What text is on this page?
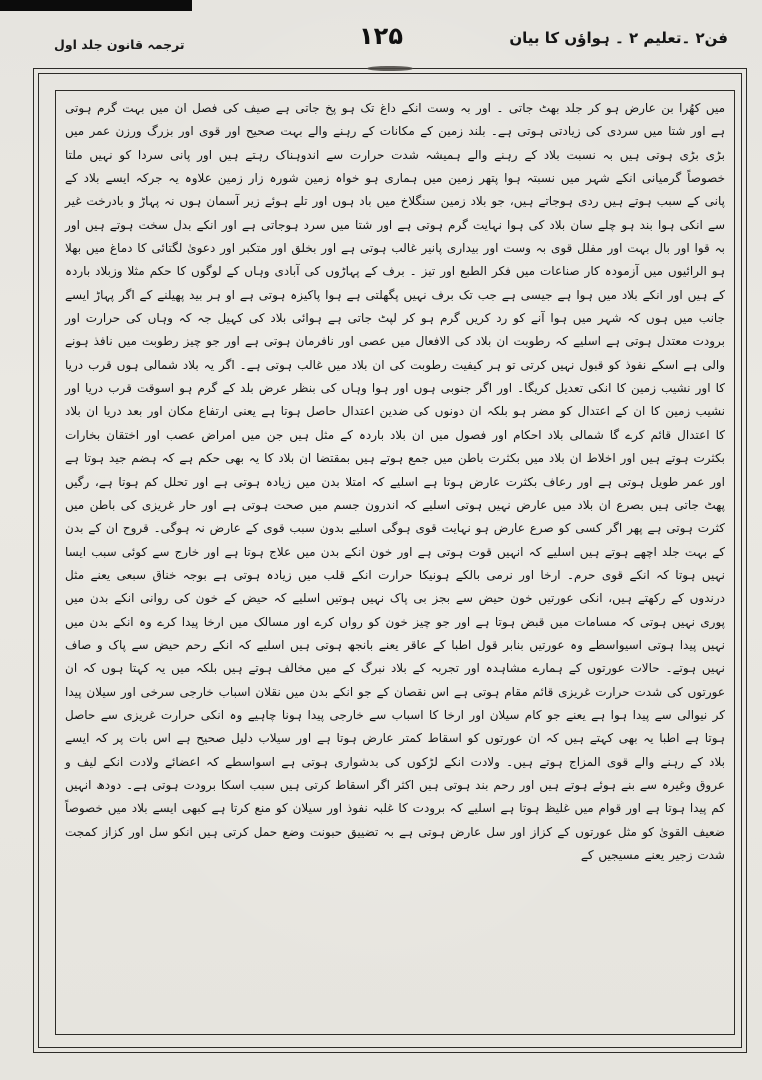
فن۲ ۔تعلیم ۲ ۔ ہواؤں کا بیان
۱۲۵
ترجمہ قانون جلد اول
میں کھُرا بن عارض ہو کر جلد بھٹ جاتی ۔ اور بہ وست انکے داغ تک ہو پخ جاتی ہے صیف کی فصل ان میں بہت گرم ہوتی ہے اور شتا میں سردی کی زیادتی ہوتی ہے۔ بلند زمین کے مکانات کے رہنے والے بہت صحیح اور قوی اور بزرگ ورزن عمر میں بڑی بڑی ہوتی ہیں بہ نسبت بلاد کے رہنے والے ہمیشہ شدت حرارت سے اندوہناک رہتے ہیں اور پانی سردا کو نہیں ملتا خصوصاً گرمیانی انکے شہر میں نسبتہ ہوا پتھر زمین میں ہماری ہو خواہ زمین شورہ زار زمین علاوہ یہ جرکہ ایسے بلاد کے پانی کے سبب ہوتے ہیں ردی ہوجاتے ہیں، جو بلاد زمین سنگلاخ میں باد ہوں اور تلے ہوئے زیر آسمان ہوں نہ پہاڑ و بادرخت غیر سے انکی ہوا بند ہو چلے سان بلاد کی ہوا نہایت گرم ہوتی ہے اور شتا میں سرد ہوجاتی ہے اور انکے بدل سخت ہوتے ہیں اور بہ قوا اور بال بہت اور مفلل قوی بہ وست اور بیداری پانیر غالب ہوتی ہے اور بخلق اور متکبر اور دعویٰ لگتائی کا دماغ میں بھلا ہو الرائیوں میں آزمودہ کار صناعات میں فکر الطبع اور تیز ۔ برف کے پہاڑوں کی آبادی وہاں کے لوگوں کا حکم مثلا وزبلاد باردہ کے ہیں اور انکے بلاد میں ہوا ہے جیسی ہے جب تک برف نہیں پگھلتی ہے ہوا پاکیزہ ہوتی ہے او ہر بید پھیلنے کے اگر پہاڑ ایسے جانب میں ہوں کہ شہر میں ہوا آنے کو رد کریں گرم ہو کر لپٹ جاتی ہے ہوائی بلاد کی کہیل جہ کہ وہاں کی حرارت اور برودت معتدل ہوتی ہے اسلیے کہ رطوبت ان بلاد کی الافعال میں عصی اور نافرمان ہوتی ہے اور جو چیز رطوبت میں نافذ ہونے والی ہے اسکے نفوذ کو قبول نہیں کرتی تو ہر کیفیت رطوبت کی ان بلاد میں غالب ہوتی ہے۔ اگر یہ بلاد شمالی ہوں قرب دریا کا اور نشیب زمین کا انکی تعدیل کریگا۔ اور اگر جنوبی ہوں اور ہوا وہاں کی بنظر عرض بلد کے گرم ہو اسوقت قرب دریا اور نشیب زمین کا ان کے اعتدال کو مضر ہو بلکہ ان دونوں کی ضدین اعتدال حاصل ہوتا ہے یعنی ارتفاع مکان اور بعد دریا ان بلاد کا اعتدال قائم کرے گا شمالی بلاد احکام اور فصول میں ان بلاد باردہ کے مثل ہیں جن میں امراض عصب اور اختقان بخارات بکثرت ہوتے ہیں اور اخلاط ان بلاد میں بکثرت باطن میں جمع ہوتے ہیں بمقتضا ان بلاد کا یہ بھی حکم ہے کہ ہضم جید ہوتا ہے اور عمر طویل ہوتی ہے اور رعاف بکثرت عارض ہوتا ہے اسلیے کہ امتلا بدن میں زیادہ ہوتی ہے اور تحلل کم ہوتا ہے، رگیں پھٹ جاتی ہیں بصرع ان بلاد میں عارض نہیں ہوتی اسلیے کہ اندرون جسم میں صحت ہوتی ہے اور حار غریزی کی باطن میں کثرت ہوتی ہے پھر اگر کسی کو صرع عارض ہو نہایت قوی ہوگی اسلیے بدون سبب قوی کے عارض نہ ہوگی۔ قروح ان کے بدن کے بہت جلد اچھے ہوتے ہیں اسلیے کہ انہیں قوت ہوتی ہے اور خون انکے بدن میں علاج ہوتا ہے اور خارج سے کوئی سبب ایسا نہیں ہوتا کہ انکے قوی حرم۔ ارخا اور نرمی بالکے ہونیکا حرارت انکے قلب میں زیادہ ہوتی ہے بوجہ خناق سبعی یعنے مثل درندوں کے رکھتے ہیں، انکی عورتیں خون حیض سے بجز بی پاک نہیں ہوتیں اسلیے کہ حیض کے خون کی روانی انکے بدن میں پوری نہیں ہوتی کہ مسامات میں قبض ہوتا ہے اور جو چیز خون کو رواں کرے اور مسالک میں ارخا پیدا کرے وہ انکے بدن میں نہیں پیدا ہوتی اسیواسطے وہ عورتیں بنابر قول اطبا کے عاقر یعنے بانجھ ہوتی ہیں اسلیے کہ انکے رحم حیض سے پاک و صاف نہیں ہوتے۔ حالات عورتوں کے ہمارے مشاہدہ اور تجربہ کے بلاد نبرگ کے میں مخالف ہوتے ہیں بلکہ میں یہ کہتا ہوں کہ ان عورتوں کی شدت حرارت غریزی قائم مقام ہوتی ہے اس نقصان کے جو انکے بدن میں نقلان اسباب خارجی سرخی اور سیلان پیدا کر نیوالی سے پیدا ہوا ہے یعنے جو کام سیلان اور ارخا کا اسباب سے خارجی پیدا ہونا چاہیے وہ انکی حرارت غریزی سے حاصل ہوتا ہے اطبا یہ بھی کہتے ہیں کہ ان عورتوں کو اسقاط کمتر عارض ہوتا ہے اور سیلاب دلیل صحیح ہے اس بات پر کہ ایسے بلاد کے رہنے والے قوی المزاج ہوتے ہیں۔ ولادت انکے لڑکوں کی بدشواری ہوتی ہے اسواسطے کہ اعضائے ولادت انکے لیف و عروق وغیرہ سے بنے ہوئے ہوتے ہیں اور رحم بند ہوتی ہیں اکثر اگر اسقاط کرتی ہیں سبب اسکا برودت ہوتی ہے۔ دودھ انہیں کم پیدا ہوتا ہے اور قوام میں غلیظ ہوتا ہے اسلیے کہ برودت کا غلبہ نفوذ اور سیلان کو منع کرتا ہے کبھی ایسے بلاد میں خصوصاً ضعیف القویٰ کو مثل عورتوں کے کزاز اور سل عارض ہوتی ہے بہ تضییق حبونت وضع حمل کرتی ہیں انکو سل اور کزاز کمجت شدت زجیر یعنے مسیجیں کے
